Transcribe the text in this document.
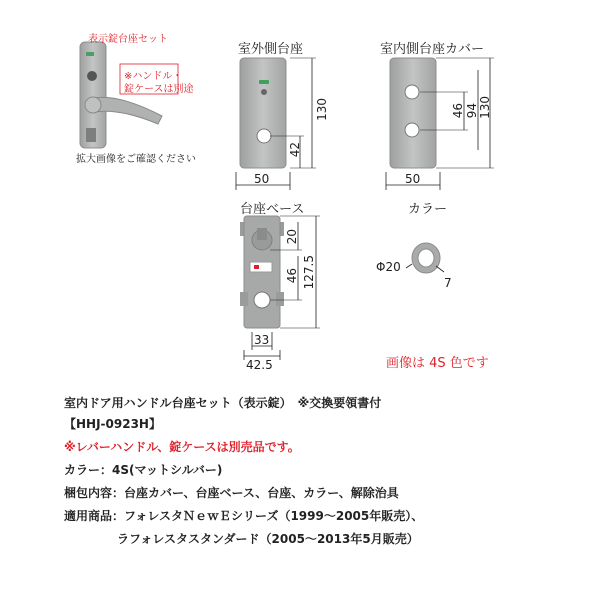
表示錠台座セット
※ハンドル・
錠ケースは別途
拡大画像をご確認ください
室外側台座
130
42
50
室内側台座カバー
46 94 130
50
台座ベース
20
46 127.5
33
42.5
カラー
Φ20
7
画像は 4S 色です
室内ドア用ハンドル台座セット（表示錠）　※交換要領書付
【HHJ-0923H】
※レバーハンドル、錠ケースは別売品です。
カラー：4S(マットシルバー)
梱包内容：台座カバー、台座ベース、台座、カラー、解除治具
適用商品：フォレスタＮｅｗＥシリーズ（1999～2005年販売）、
ラフォレスタスタンダード（2005～2013年5月販売）
